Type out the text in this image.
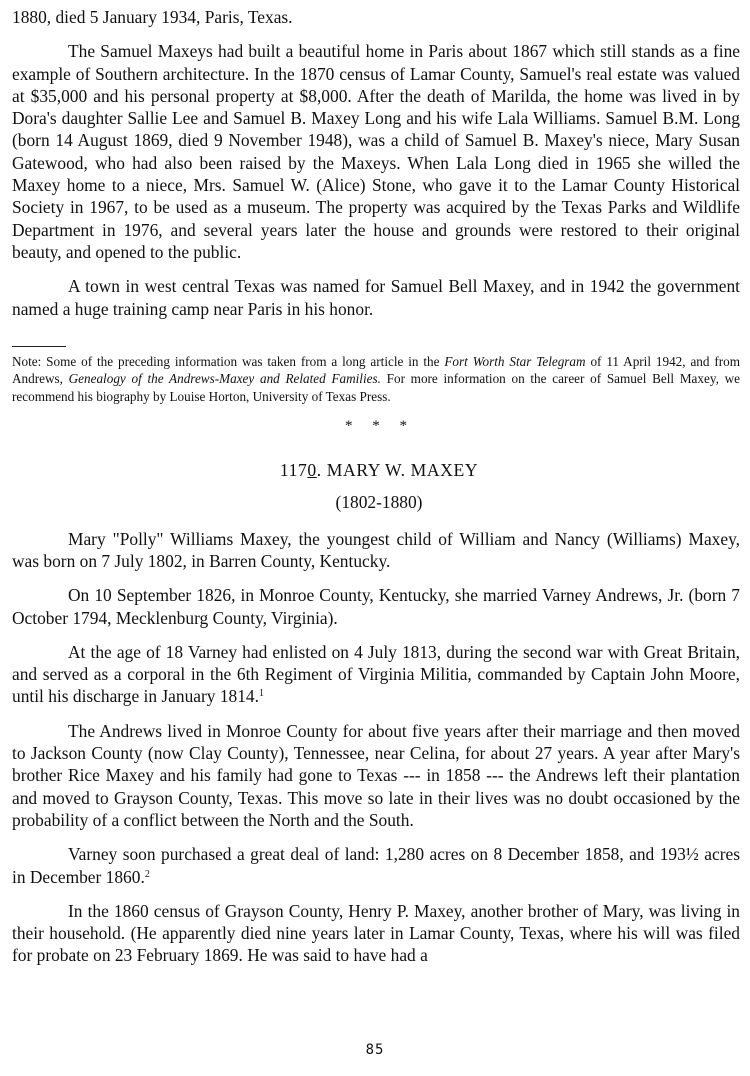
1880, died 5 January 1934, Paris, Texas.

The Samuel Maxeys had built a beautiful home in Paris about 1867 which still stands as a fine example of Southern architecture. In the 1870 census of Lamar County, Samuel's real estate was valued at $35,000 and his personal property at $8,000. After the death of Marilda, the home was lived in by Dora's daughter Sallie Lee and Samuel B. Maxey Long and his wife Lala Williams. Samuel B.M. Long (born 14 August 1869, died 9 November 1948), was a child of Samuel B. Maxey's niece, Mary Susan Gatewood, who had also been raised by the Maxeys. When Lala Long died in 1965 she willed the Maxey home to a niece, Mrs. Samuel W. (Alice) Stone, who gave it to the Lamar County Historical Society in 1967, to be used as a museum. The property was acquired by the Texas Parks and Wildlife Department in 1976, and several years later the house and grounds were restored to their original beauty, and opened to the public.

A town in west central Texas was named for Samuel Bell Maxey, and in 1942 the government named a huge training camp near Paris in his honor.

Note: Some of the preceding information was taken from a long article in the Fort Worth Star Telegram of 11 April 1942, and from Andrews, Genealogy of the Andrews-Maxey and Related Families. For more information on the career of Samuel Bell Maxey, we recommend his biography by Louise Horton, University of Texas Press.
* * *
1170. MARY W. MAXEY
(1802-1880)

Mary "Polly" Williams Maxey, the youngest child of William and Nancy (Williams) Maxey, was born on 7 July 1802, in Barren County, Kentucky.

On 10 September 1826, in Monroe County, Kentucky, she married Varney Andrews, Jr. (born 7 October 1794, Mecklenburg County, Virginia).

At the age of 18 Varney had enlisted on 4 July 1813, during the second war with Great Britain, and served as a corporal in the 6th Regiment of Virginia Militia, commanded by Captain John Moore, until his discharge in January 1814.$^1$

The Andrews lived in Monroe County for about five years after their marriage and then moved to Jackson County (now Clay County), Tennessee, near Celina, for about 27 years. A year after Mary's brother Rice Maxey and his family had gone to Texas --- in 1858 --- the Andrews left their plantation and moved to Grayson County, Texas. This move so late in their lives was no doubt occasioned by the probability of a conflict between the North and the South.

Varney soon purchased a great deal of land: 1,280 acres on 8 December 1858, and 193½ acres in December 1860.$^2$

In the 1860 census of Grayson County, Henry P. Maxey, another brother of Mary, was living in their household. (He apparently died nine years later in Lamar County, Texas, where his will was filed for probate on 23 February 1869. He was said to have had a

85
